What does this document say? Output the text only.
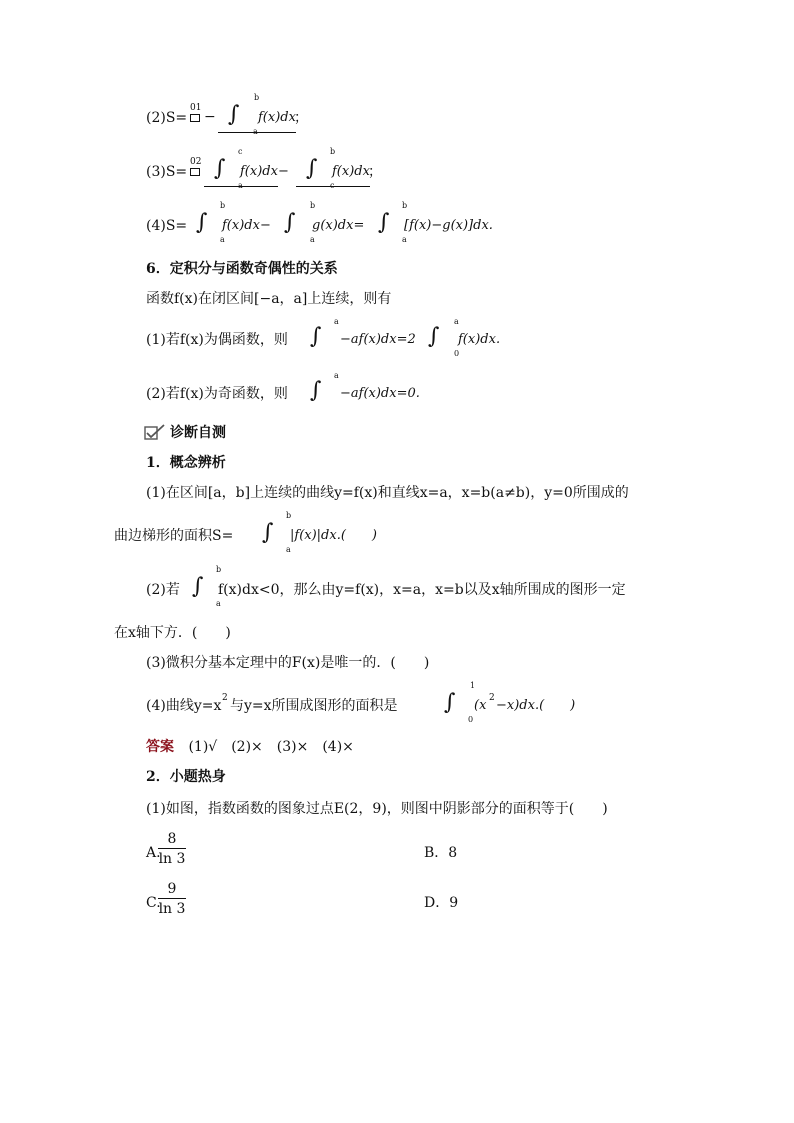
(2)S=
01
− ∫
b
a
f(x)dx
；
(3)S=
02 ∫
c
a
f(x)dx− ∫
b
c
f(x)dx
；
(4)S= ∫
b
a
f(x)dx− ∫
b
a
g(x)dx= ∫
b
a
[f(x)−g(x)]dx.
6．定积分与函数奇偶性的关系
函数f(x)在闭区间[−a，a]上连续，则有
(1)若f(x)为偶函数，则 ∫
a
−af(x)dx=2 ∫
a
0
f(x)dx.
(2)若f(x)为奇函数，则 ∫
a
−af(x)dx=0.
诊断自测
1．概念辨析
(1)在区间[a，b]上连续的曲线y=f(x)和直线x=a，x=b(a≠b)，y=0所围成的
曲边梯形的面积S= ∫
b
a
|f(x)|dx.(　　)
(2)若 ∫
b
a
f(x)dx<0，那么由y=f(x)，x=a，x=b以及x轴所围成的图形一定
在x轴下方．(　　)
(3)微积分基本定理中的F(x)是唯一的．(　　)
(4)曲线y=x 2 与y=x所围成图形的面积是 ∫
1
0
(x 2 −x)dx.(　　)
答案 (1)√　(2)×　(3)×　(4)×
2．小题热身
(1)如图，指数函数的图象过点E(2，9)，则图中阴影部分的面积等于(　　)
A.
$\frac{8}{\ln 3}$	B．8
C.
$\frac{9}{\ln 3}$	D．9
